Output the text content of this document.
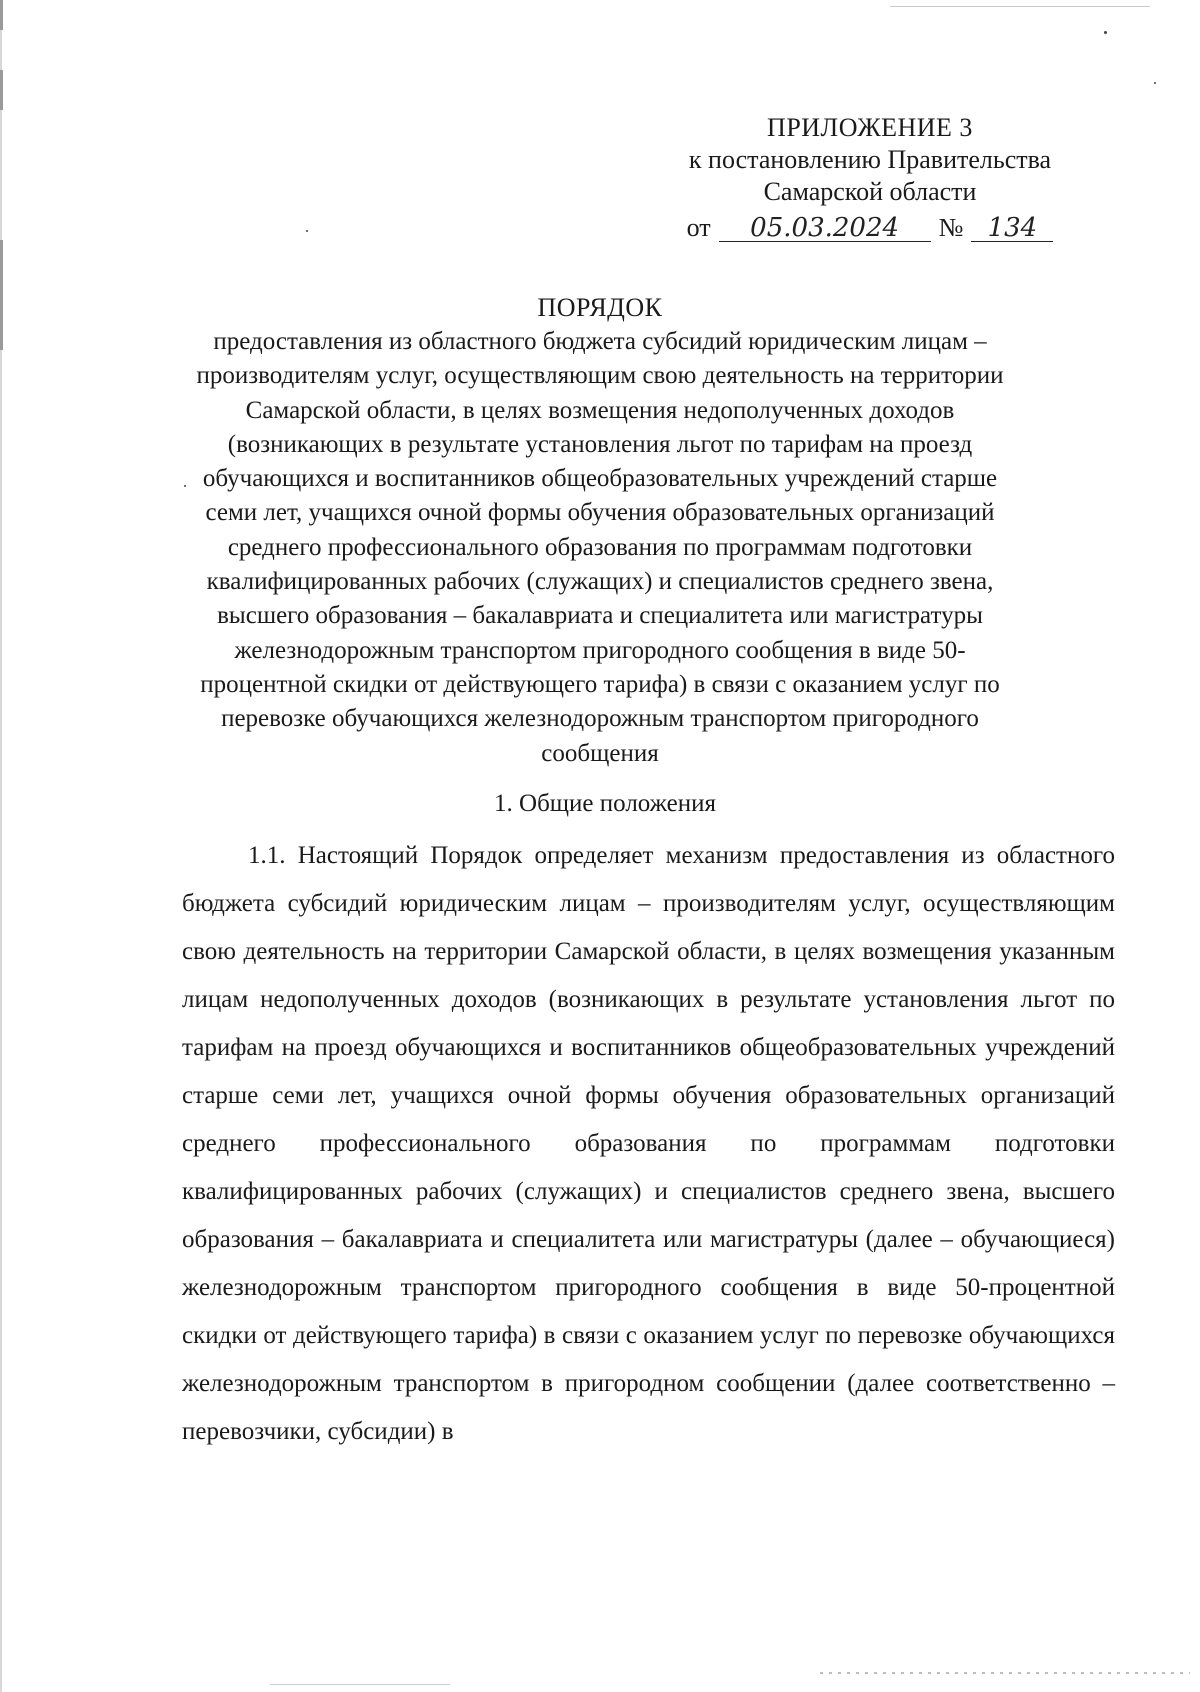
ПРИЛОЖЕНИЕ 3
к постановлению Правительства
Самарской области
от	05.03.2024	№ 134
ПОРЯДОК
предоставления из областного бюджета субсидий юридическим лицам – производителям услуг, осуществляющим свою деятельность на территории Самарской области, в целях возмещения недополученных доходов (возникающих в результате установления льгот по тарифам на проезд обучающихся и воспитанников общеобразовательных учреждений старше семи лет, учащихся очной формы обучения образовательных организаций среднего профессионального образования по программам подготовки квалифицированных рабочих (служащих) и специалистов среднего звена, высшего образования – бакалавриата и специалитета или магистратуры железнодорожным транспортом пригородного сообщения в виде 50-процентной скидки от действующего тарифа) в связи с оказанием услуг по перевозке обучающихся железнодорожным транспортом пригородного сообщения
1. Общие положения
1.1. Настоящий Порядок определяет механизм предоставления из областного бюджета субсидий юридическим лицам – производителям услуг, осуществляющим свою деятельность на территории Самарской области, в целях возмещения указанным лицам недополученных доходов (возникающих в результате установления льгот по тарифам на проезд обучающихся и воспитанников общеобразовательных учреждений старше семи лет, учащихся очной формы обучения образовательных организаций среднего профессионального образования по программам подготовки квалифицированных рабочих (служащих) и специалистов среднего звена, высшего образования – бакалавриата и специалитета или магистратуры (далее – обучающиеся) железнодорожным транспортом пригородного сообщения в виде 50-процентной скидки от действующего тарифа) в связи с оказанием услуг по перевозке обучающихся железнодорожным транспортом в пригородном сообщении (далее соответственно – перевозчики, субсидии) в
